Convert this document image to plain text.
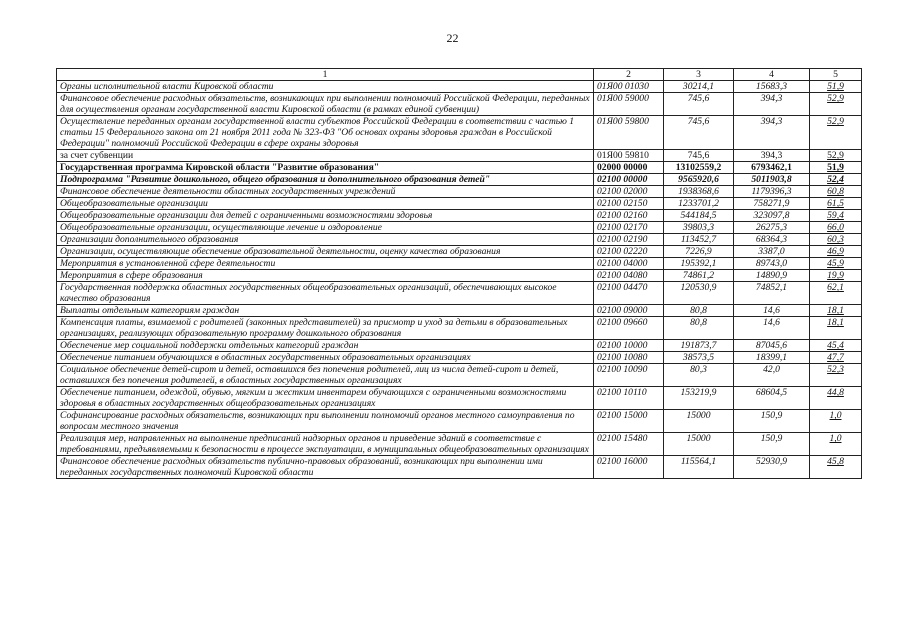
22
1	2	3	4	5
Органы исполнительной власти Кировской области	01Я00 01030	30214,1	15683,3	51,9
Финансовое обеспечение расходных обязательств, возникающих при выполнении полномочий Российской Федерации, переданных для осуществления органам государственной власти Кировской области (в рамках единой субвенции)	01Я00 59000	745,6	394,3	52,9
Осуществление переданных органам государственной власти субъектов Российской Федерации в соответствии с частью 1 статьи 15 Федерального закона от 21 ноября 2011 года № 323-ФЗ "Об основах охраны здоровья граждан в Российской Федерации" полномочий Российской Федерации в сфере охраны здоровья	01Я00 59800	745,6	394,3	52,9
за счет субвенции	01Я00 59810	745,6	394,3	52,9
Государственная программа Кировской области "Развитие образования"	02000 00000	13102559,2	6793462,1	51,9
Подпрограмма "Развитие дошкольного, общего образования и дополнительного образования детей"	02100 00000	9565920,6	5011903,8	52,4
Финансовое обеспечение деятельности областных государственных учреждений	02100 02000	1938368,6	1179396,3	60,8
Общеобразовательные организации	02100 02150	1233701,2	758271,9	61,5
Общеобразовательные организации для детей с ограниченными возможностями здоровья	02100 02160	544184,5	323097,8	59,4
Общеобразовательные организации, осуществляющие лечение и оздоровление	02100 02170	39803,3	26275,3	66,0
Организации дополнительного образования	02100 02190	113452,7	68364,3	60,3
Организации, осуществляющие обеспечение образовательной деятельности, оценку качества образования	02100 02220	7226,9	3387,0	46,9
Мероприятия в установленной сфере деятельности	02100 04000	195392,1	89743,0	45,9
Мероприятия в сфере образования	02100 04080	74861,2	14890,9	19,9
Государственная поддержка областных государственных общеобразовательных организаций, обеспечивающих высокое качество образования	02100 04470	120530,9	74852,1	62,1
Выплаты отдельным категориям граждан	02100 09000	80,8	14,6	18,1
Компенсация платы, взимаемой с родителей (законных представителей) за присмотр и уход за детьми в образовательных организациях, реализующих образовательную программу дошкольного образования	02100 09660	80,8	14,6	18,1
Обеспечение мер социальной поддержки отдельных категорий граждан	02100 10000	191873,7	87045,6	45,4
Обеспечение питанием обучающихся в областных государственных образовательных организациях	02100 10080	38573,5	18399,1	47,7
Социальное обеспечение детей-сирот и детей, оставшихся без попечения родителей, лиц из числа детей-сирот и детей, оставшихся без попечения родителей, в областных государственных организациях	02100 10090	80,3	42,0	52,3
Обеспечение питанием, одеждой, обувью, мягким и жестким инвентарем обучающихся с ограниченными возможностями здоровья в областных государственных общеобразовательных организациях	02100 10110	153219,9	68604,5	44,8
Софинансирование расходных обязательств, возникающих при выполнении полномочий органов местного самоуправления по вопросам местного значения	02100 15000	15000	150,9	1,0
Реализация мер, направленных на выполнение предписаний надзорных органов и приведение зданий в соответствие с требованиями, предъявляемыми к безопасности в процессе эксплуатации, в муниципальных общеобразовательных организациях	02100 15480	15000	150,9	1,0
Финансовое обеспечение расходных обязательств публично-правовых образований, возникающих при выполнении ими переданных государственных полномочий Кировской области	02100 16000	115564,1	52930,9	45,8
